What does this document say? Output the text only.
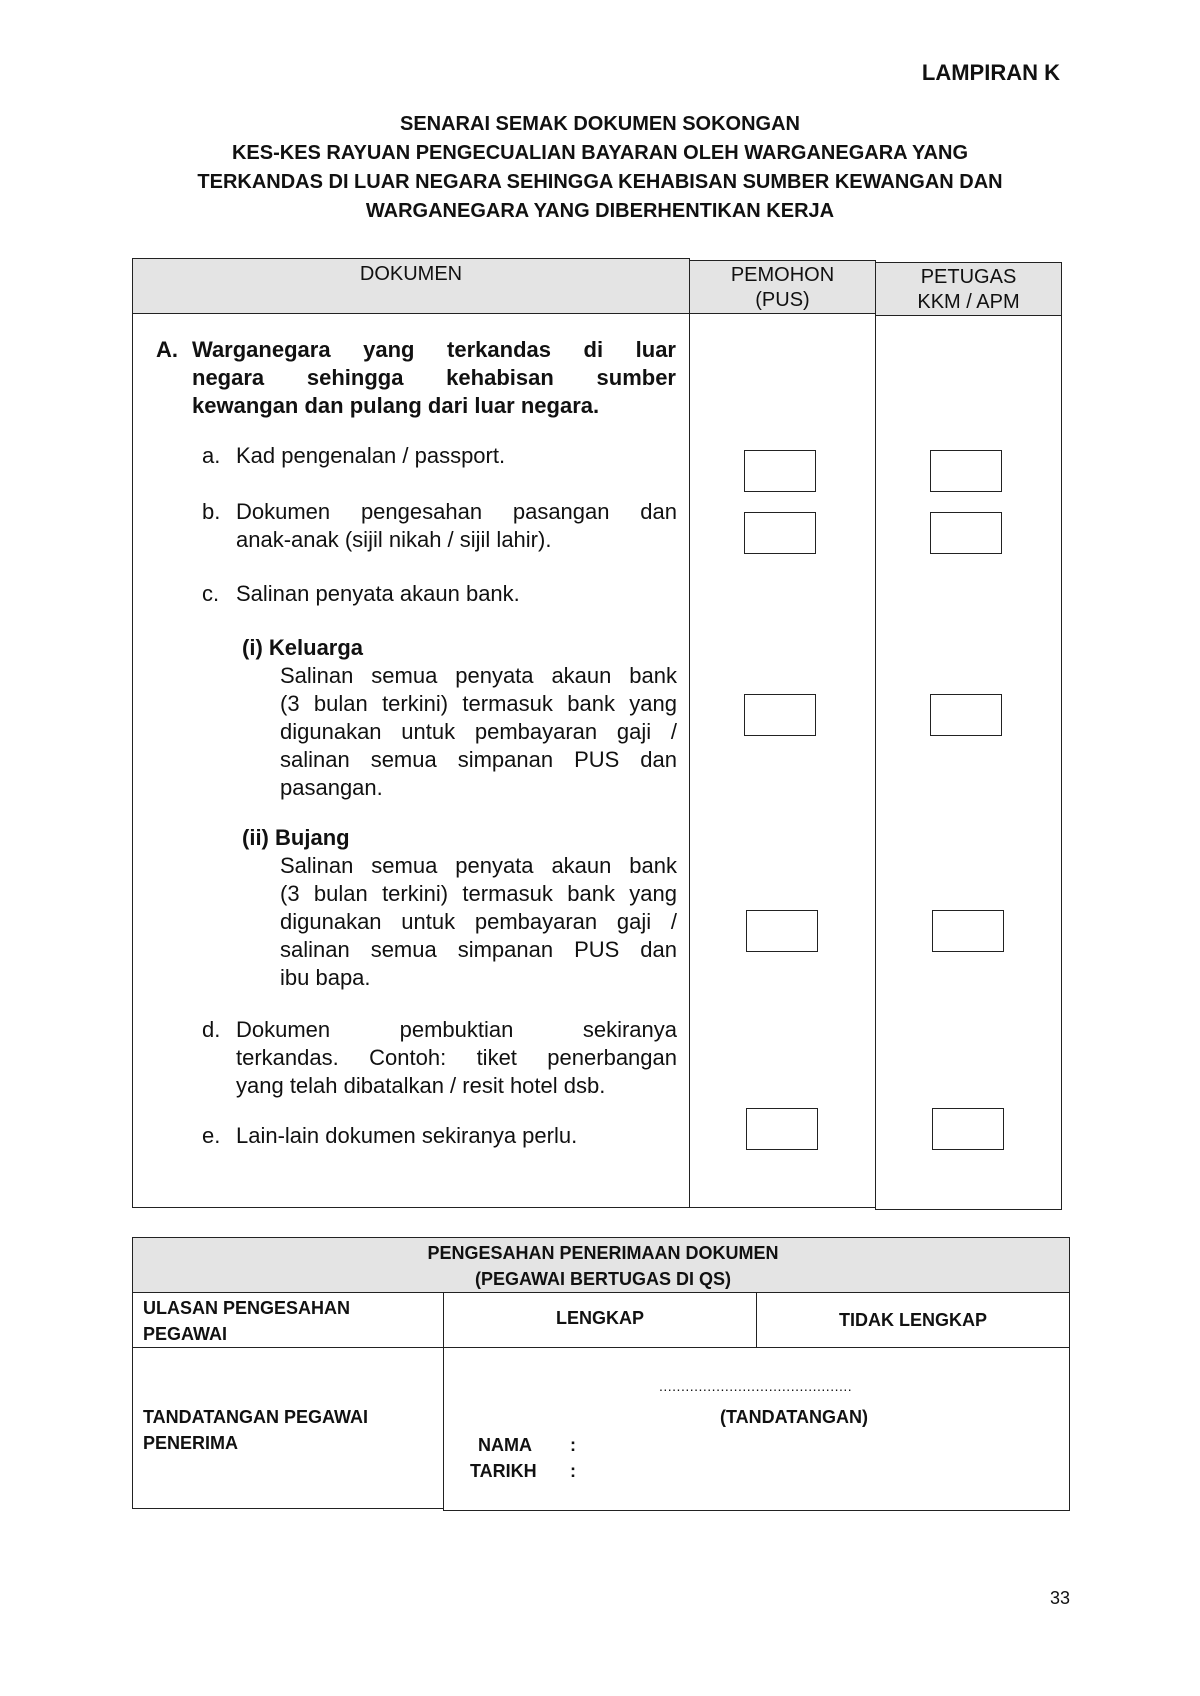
LAMPIRAN K
SENARAI SEMAK DOKUMEN SOKONGAN
KES-KES RAYUAN PENGECUALIAN BAYARAN OLEH WARGANEGARA YANG
TERKANDAS DI LUAR NEGARA SEHINGGA KEHABISAN SUMBER KEWANGAN DAN
WARGANEGARA YANG DIBERHENTIKAN KERJA
DOKUMEN	PEMOHON
(PUS)
PETUGAS
KKM / APM
A. Warganegara yang terkandas di luar
negara sehingga kehabisan sumber
kewangan dan pulang dari luar negara.
a. Kad pengenalan / passport.
b. Dokumen pengesahan pasangan dan
anak-anak (sijil nikah / sijil lahir).
c. Salinan penyata akaun bank.
(i) Keluarga
Salinan semua penyata akaun bank
(3 bulan terkini) termasuk bank yang
digunakan untuk pembayaran gaji /
salinan semua simpanan PUS dan
pasangan.
(ii) Bujang
Salinan semua penyata akaun bank
(3 bulan terkini) termasuk bank yang
digunakan untuk pembayaran gaji /
salinan semua simpanan PUS dan
ibu bapa.
d. Dokumen pembuktian sekiranya
terkandas. Contoh: tiket penerbangan
yang telah dibatalkan / resit hotel dsb.
e. Lain-lain dokumen sekiranya perlu.
PENGESAHAN PENERIMAAN DOKUMEN
(PEGAWAI BERTUGAS DI QS)
ULASAN PENGESAHAN
PEGAWAI
LENGKAP	TIDAK LENGKAP
TANDATANGAN PEGAWAI
PENERIMA
............................................
(TANDATANGAN)
NAMA :
TARIKH :
33
